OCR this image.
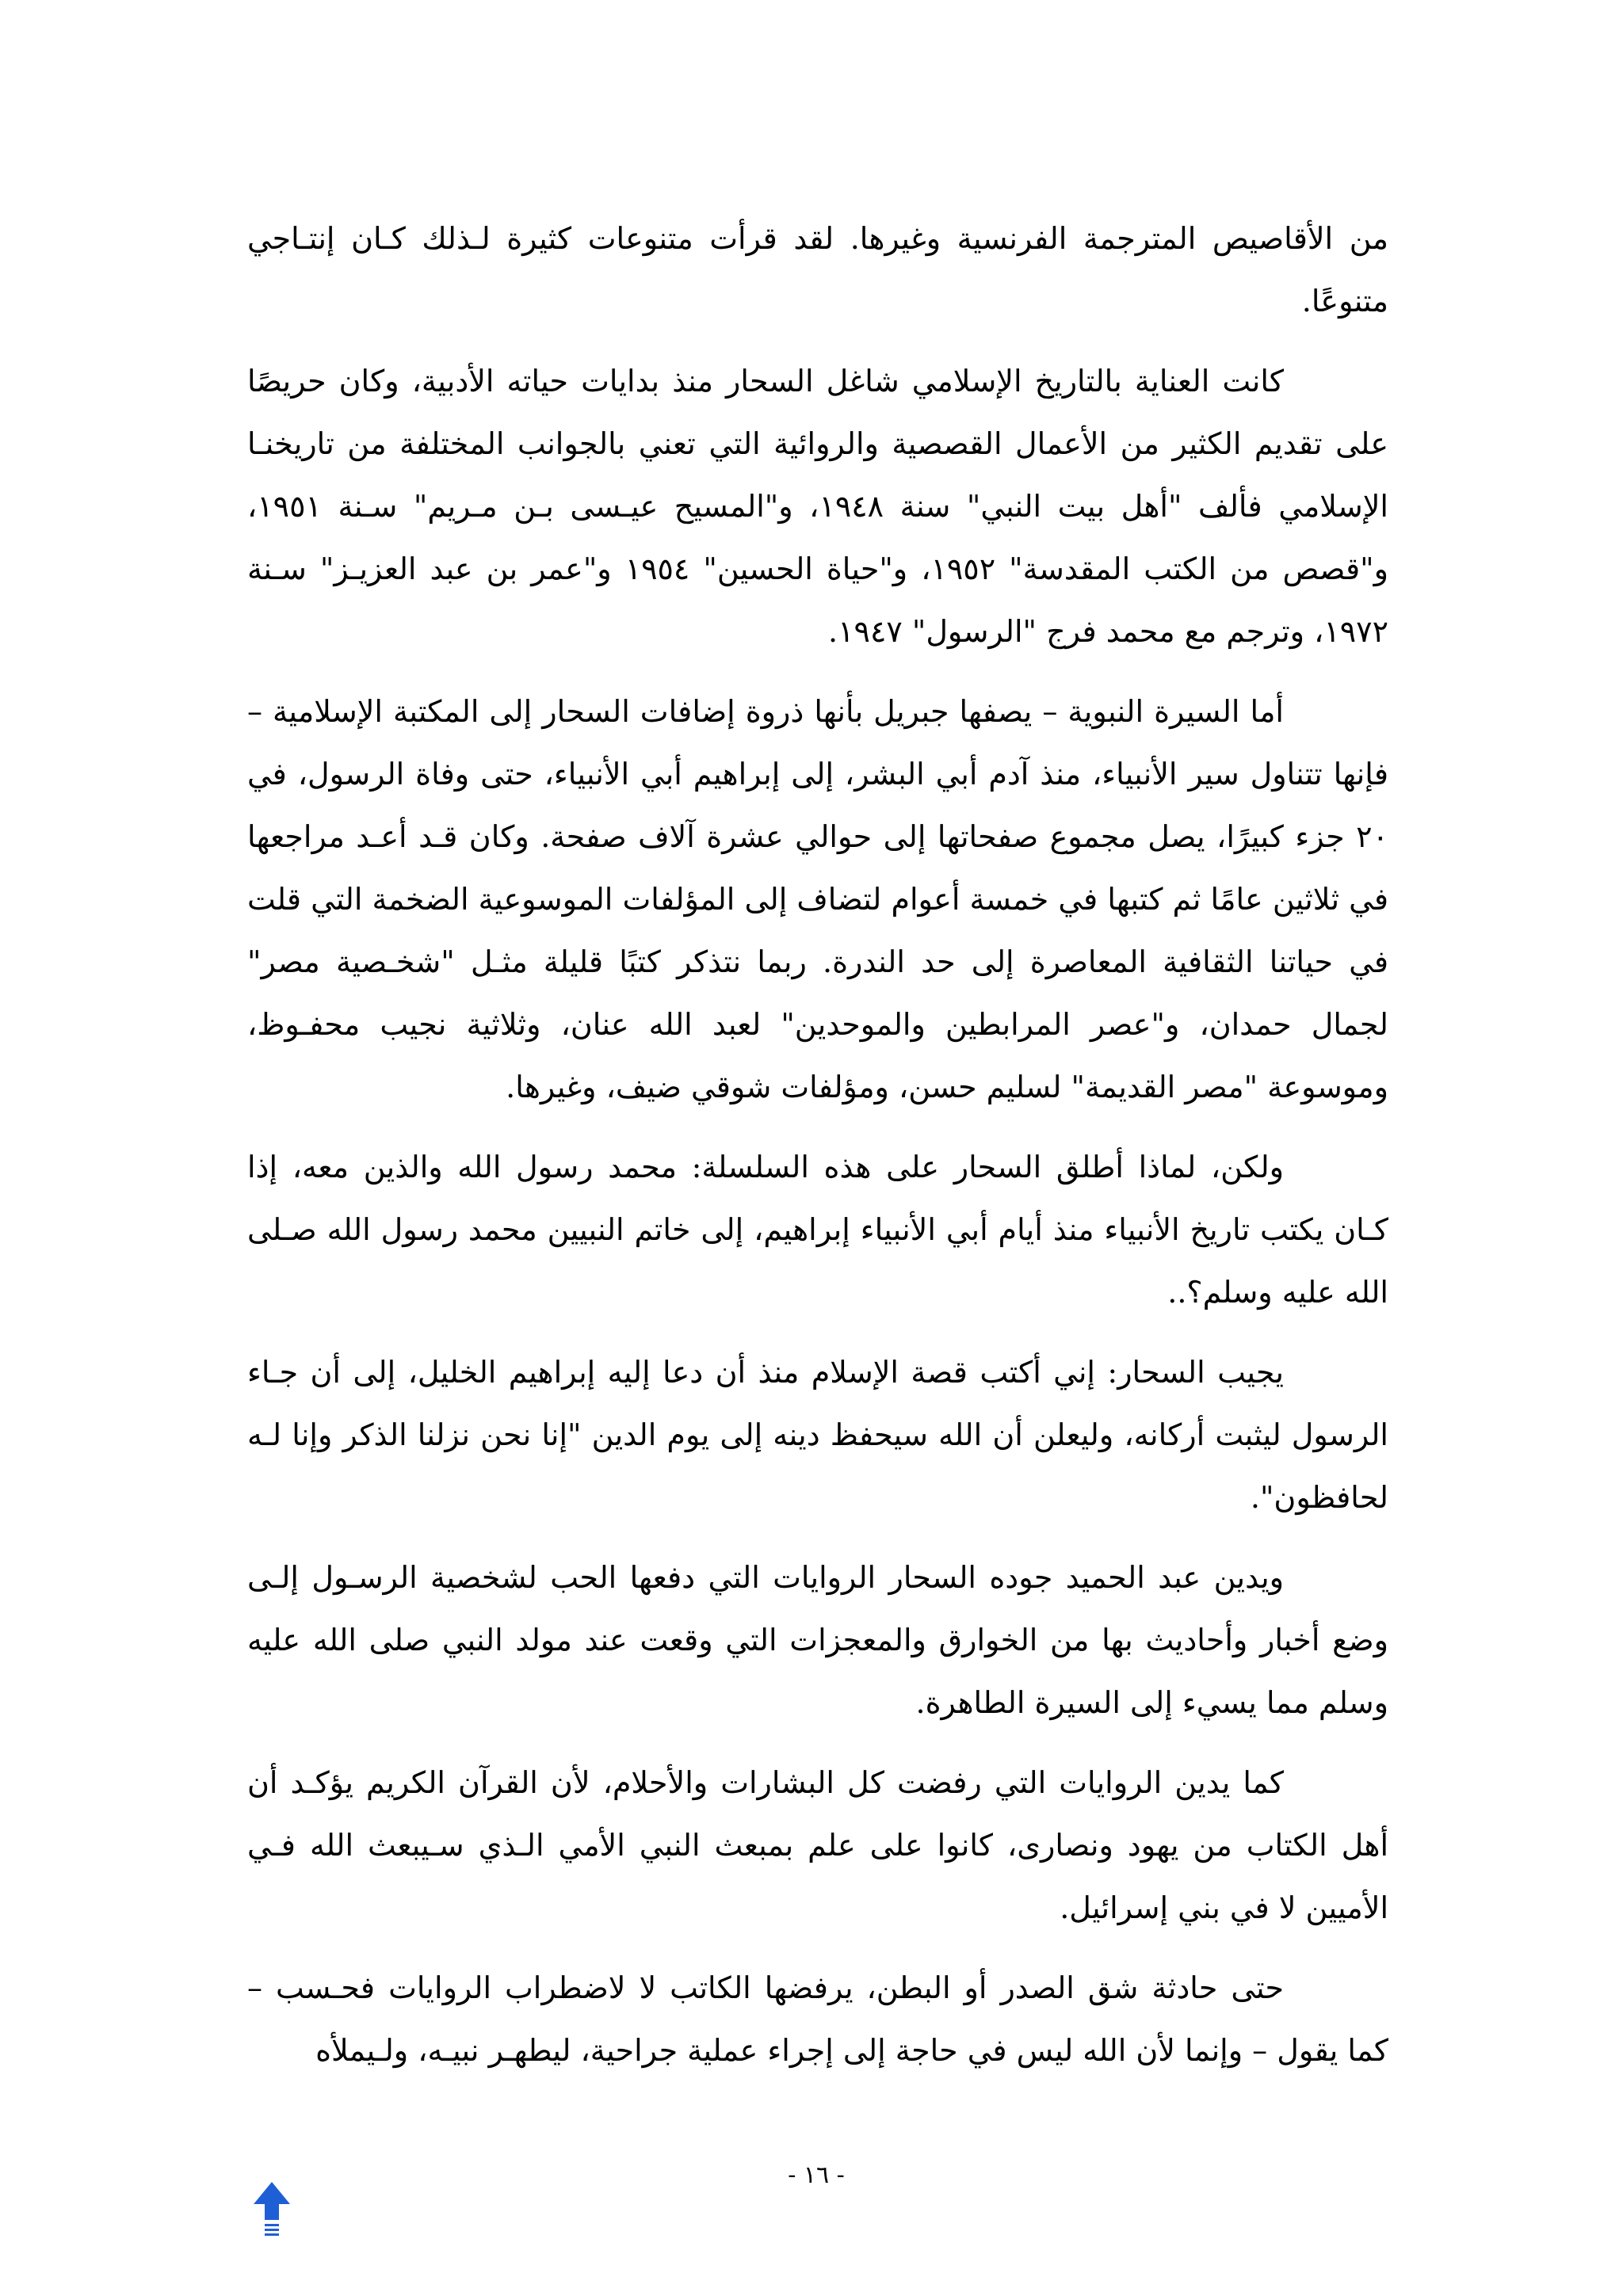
من الأقاصيص المترجمة الفرنسية وغيرها. لقد قرأت متنوعات كثيرة لـذلك كـان إنتـاجي متنوعًا.

كانت العناية بالتاريخ الإسلامي شاغل السحار منذ بدايات حياته الأدبية، وكان حريصًا على تقديم الكثير من الأعمال القصصية والروائية التي تعني بالجوانب المختلفة من تاريخنـا الإسلامي فألف "أهل بيت النبي" سنة ١٩٤٨، و"المسيح عيـسى بـن مـريم" سـنة ١٩٥١، و"قصص من الكتب المقدسة" ١٩٥٢، و"حياة الحسين" ١٩٥٤ و"عمر بن عبد العزيـز" سـنة ١٩٧٢، وترجم مع محمد فرج "الرسول" ١٩٤٧.

أما السيرة النبوية – يصفها جبريل بأنها ذروة إضافات السحار إلى المكتبة الإسلامية – فإنها تتناول سير الأنبياء، منذ آدم أبي البشر، إلى إبراهيم أبي الأنبياء، حتى وفاة الرسول، في ٢٠ جزء كبيرًا، يصل مجموع صفحاتها إلى حوالي عشرة آلاف صفحة. وكان قـد أعـد مراجعها في ثلاثين عامًا ثم كتبها في خمسة أعوام لتضاف إلى المؤلفات الموسوعية الضخمة التي قلت في حياتنا الثقافية المعاصرة إلى حد الندرة. ربما نتذكر كتبًا قليلة مثـل "شخـصية مصر" لجمال حمدان، و"عصر المرابطين والموحدين" لعبد الله عنان، وثلاثية نجيب محفـوظ، وموسوعة "مصر القديمة" لسليم حسن، ومؤلفات شوقي ضيف، وغيرها.

ولكن، لماذا أطلق السحار على هذه السلسلة: محمد رسول الله والذين معه، إذا كـان يكتب تاريخ الأنبياء منذ أيام أبي الأنبياء إبراهيم، إلى خاتم النبيين محمد رسول الله صـلى الله عليه وسلم؟..

يجيب السحار: إني أكتب قصة الإسلام منذ أن دعا إليه إبراهيم الخليل، إلى أن جـاء الرسول ليثبت أركانه، وليعلن أن الله سيحفظ دينه إلى يوم الدين "إنا نحن نزلنا الذكر وإنا لـه لحافظون".

ويدين عبد الحميد جوده السحار الروايات التي دفعها الحب لشخصية الرسـول إلـى وضع أخبار وأحاديث بها من الخوارق والمعجزات التي وقعت عند مولد النبي صلى الله عليه وسلم مما يسيء إلى السيرة الطاهرة.

كما يدين الروايات التي رفضت كل البشارات والأحلام، لأن القرآن الكريم يؤكـد أن أهل الكتاب من يهود ونصارى، كانوا على علم بمبعث النبي الأمي الـذي سـيبعث الله فـي الأميين لا في بني إسرائيل.

حتى حادثة شق الصدر أو البطن، يرفضها الكاتب لا لاضطراب الروايات فحـسب – كما يقول – وإنما لأن الله ليس في حاجة إلى إجراء عملية جراحية، ليطهـر نبيـه، ولـيملأه

- ١٦ -
